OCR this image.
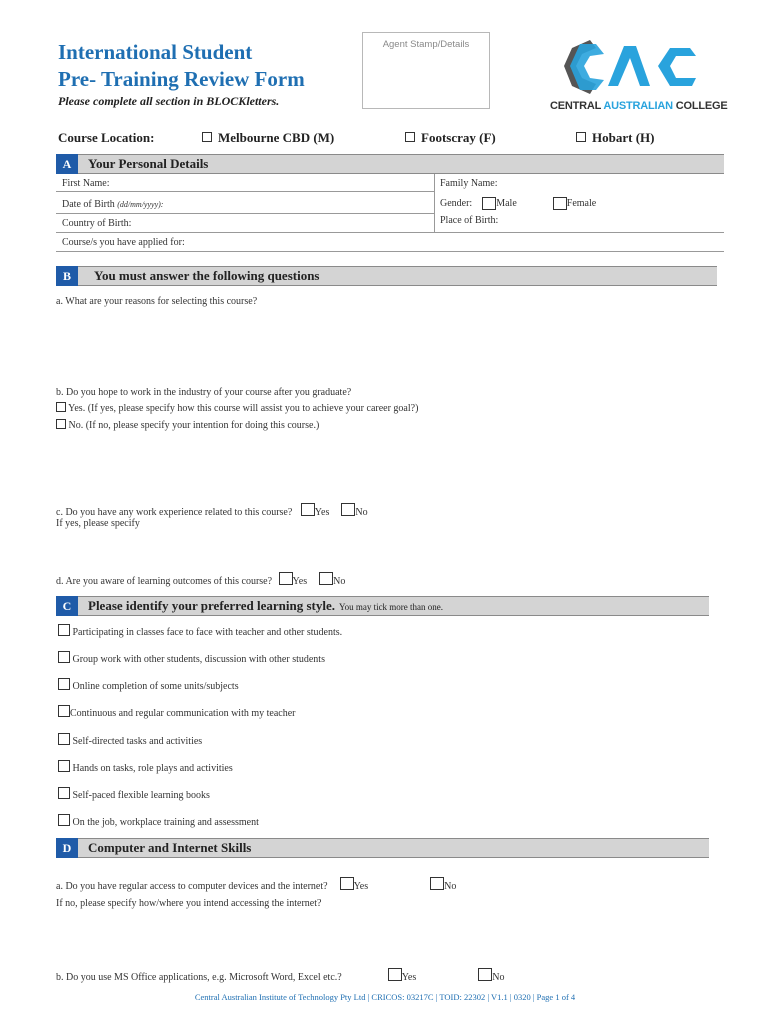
International Student
Pre- Training Review Form
Please complete all section in BLOCKletters.
Agent Stamp/Details
CENTRAL AUSTRALIAN COLLEGE
Course Location:	Melbourne CBD (M)	Footscray (F)	Hobart (H)
A	Your Personal Details
First Name:	Family Name:
Date of Birth (dd/mm/yyyy):	Gender: Male	Female
Country of Birth:	Place of Birth:
Course/s you have applied for:
B	You must answer the following questions
a. What are your reasons for selecting this course?
b. Do you hope to work in the industry of your course after you graduate?
Yes. (If yes, please specify how this course will assist you to achieve your career goal?)
No. (If no, please specify your intention for doing this course.)
c. Do you have any work experience related to this course? Yes	No
If yes, please specify
d. Are you aware of learning outcomes of this course? Yes	No
C	Please identify your preferred learning style. You may tick more than one.
Participating in classes face to face with teacher and other students.
Group work with other students, discussion with other students
Online completion of some units/subjects
Continuous and regular communication with my teacher
Self-directed tasks and activities
Hands on tasks, role plays and activities
Self-paced flexible learning books
On the job, workplace training and assessment
D	Computer and Internet Skills
a. Do you have regular access to computer devices and the internet?	Yes	No
If no, please specify how/where you intend accessing the internet?
b. Do you use MS Office applications, e.g. Microsoft Word, Excel etc.?	Yes	No
Central Australian Institute of Technology Pty Ltd | CRICOS: 03217C | TOID: 22302 | V1.1 | 0320 | Page 1 of 4
